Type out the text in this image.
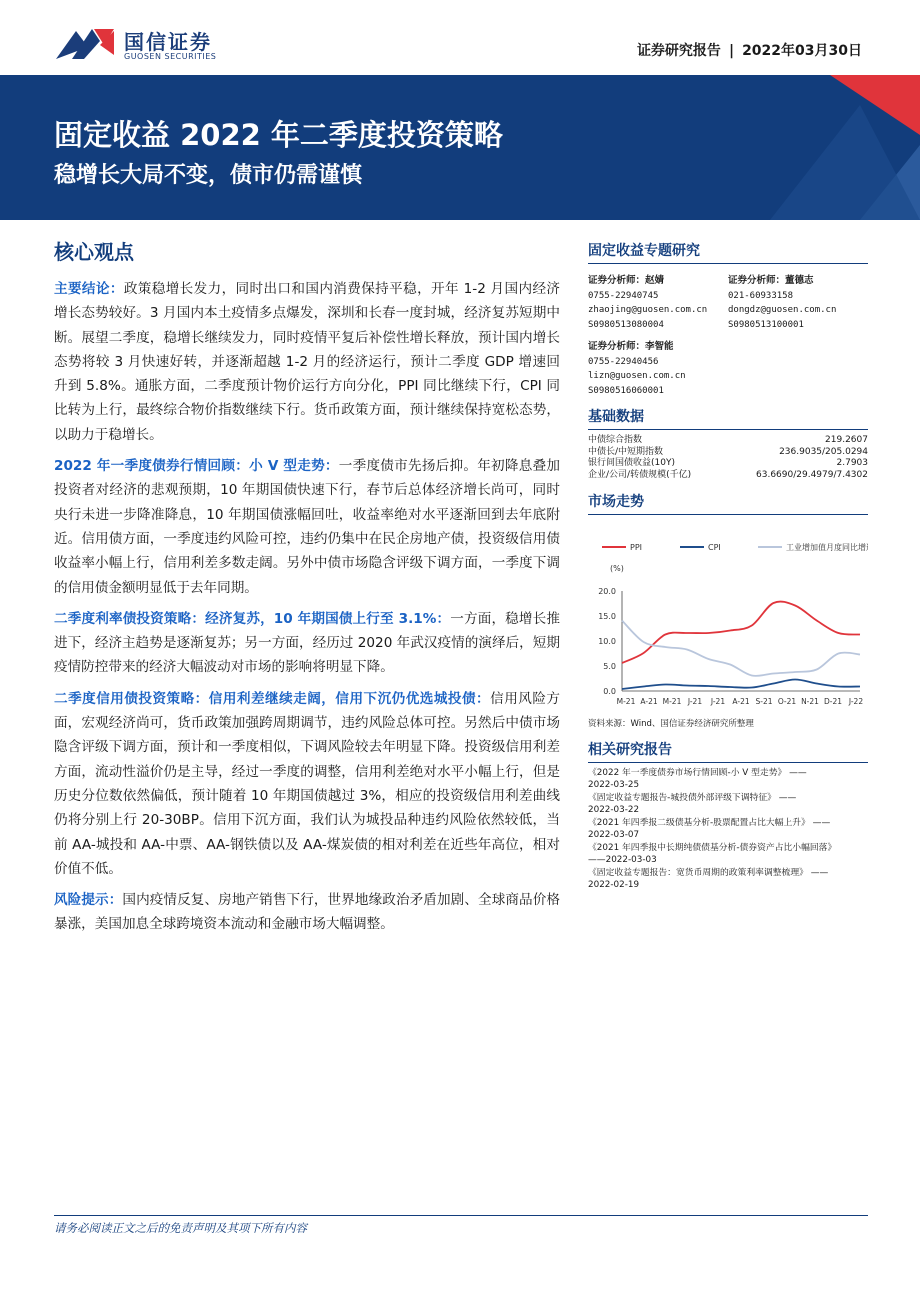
国信证券
GUOSEN SECURITIES	证券研究报告 | 2022年03月30日
固定收益 2022 年二季度投资策略
稳增长大局不变，债市仍需谨慎
核心观点

主要结论：政策稳增长发力，同时出口和国内消费保持平稳，开年 1-2 月国内经济增长态势较好。3 月国内本土疫情多点爆发，深圳和长春一度封城，经济复苏短期中断。展望二季度，稳增长继续发力，同时疫情平复后补偿性增长释放，预计国内增长态势将较 3 月快速好转，并逐渐超越 1-2 月的经济运行，预计二季度 GDP 增速回升到 5.8%。通胀方面，二季度预计物价运行方向分化，PPI 同比继续下行，CPI 同比转为上行，最终综合物价指数继续下行。货币政策方面，预计继续保持宽松态势，以助力于稳增长。

2022 年一季度债券行情回顾：小 V 型走势：一季度债市先扬后抑。年初降息叠加投资者对经济的悲观预期，10 年期国债快速下行，春节后总体经济增长尚可，同时央行未进一步降准降息，10 年期国债涨幅回吐，收益率绝对水平逐渐回到去年底附近。信用债方面，一季度违约风险可控，违约仍集中在民企房地产债，投资级信用债收益率小幅上行，信用利差多数走阔。另外中债市场隐含评级下调方面，一季度下调的信用债金额明显低于去年同期。

二季度利率债投资策略：经济复苏，10 年期国债上行至 3.1%：一方面，稳增长推进下，经济主趋势是逐渐复苏；另一方面，经历过 2020 年武汉疫情的演绎后，短期疫情防控带来的经济大幅波动对市场的影响将明显下降。

二季度信用债投资策略：信用利差继续走阔，信用下沉仍优选城投债：信用风险方面，宏观经济尚可，货币政策加强跨周期调节，违约风险总体可控。另然后中债市场隐含评级下调方面，预计和一季度相似，下调风险较去年明显下降。投资级信用利差方面，流动性溢价仍是主导，经过一季度的调整，信用利差绝对水平小幅上行，但是历史分位数依然偏低，预计随着 10 年期国债越过 3%，相应的投资级信用利差曲线仍将分别上行 20-30BP。信用下沉方面，我们认为城投品种违约风险依然较低，当前 AA-城投和 AA-中票、AA-钢铁债以及 AA-煤炭债的相对利差在近些年高位，相对价值不低。

风险提示：国内疫情反复、房地产销售下行，世界地缘政治矛盾加剧、全球商品价格暴涨，美国加息全球跨境资本流动和金融市场大幅调整。

固定收益专题研究
证券分析师：赵婧
0755-22940745
zhaojing@guosen.com.cn
S0980513080004
证券分析师：董德志
021-60933158
dongdz@guosen.com.cn
S0980513100001
证券分析师：李智能
0755-22940456
lizn@guosen.com.cn
S0980516060001
基础数据
中债综合指数	219.2607
中债长/中短期指数	236.9035/205.0294
银行间国债收益(10Y)	2.7903
企业/公司/转债规模(千亿)	63.6690/29.4979/7.4302
市场走势
PPI	CPI	工业增加值月度同比增速
(%)
0.0
5.0
10.0
15.0
20.0
M-21 A-21 M-21 J-21 J-21 A-21 S-21 O-21 N-21 D-21 J-22
资料来源：Wind、国信证券经济研究所整理
相关研究报告
《2022 年一季度债券市场行情回顾-小 V 型走势》 ——
2022-03-25
《固定收益专题报告-城投债外部评级下调特征》 ——
2022-03-22
《2021 年四季报二级债基分析-股票配置占比大幅上升》 ——
2022-03-07
《2021 年四季报中长期纯债债基分析-债券资产占比小幅回落》
——2022-03-03
《固定收益专题报告：宽货币周期的政策利率调整梳理》 ——
2022-02-19
请务必阅读正文之后的免责声明及其项下所有内容
